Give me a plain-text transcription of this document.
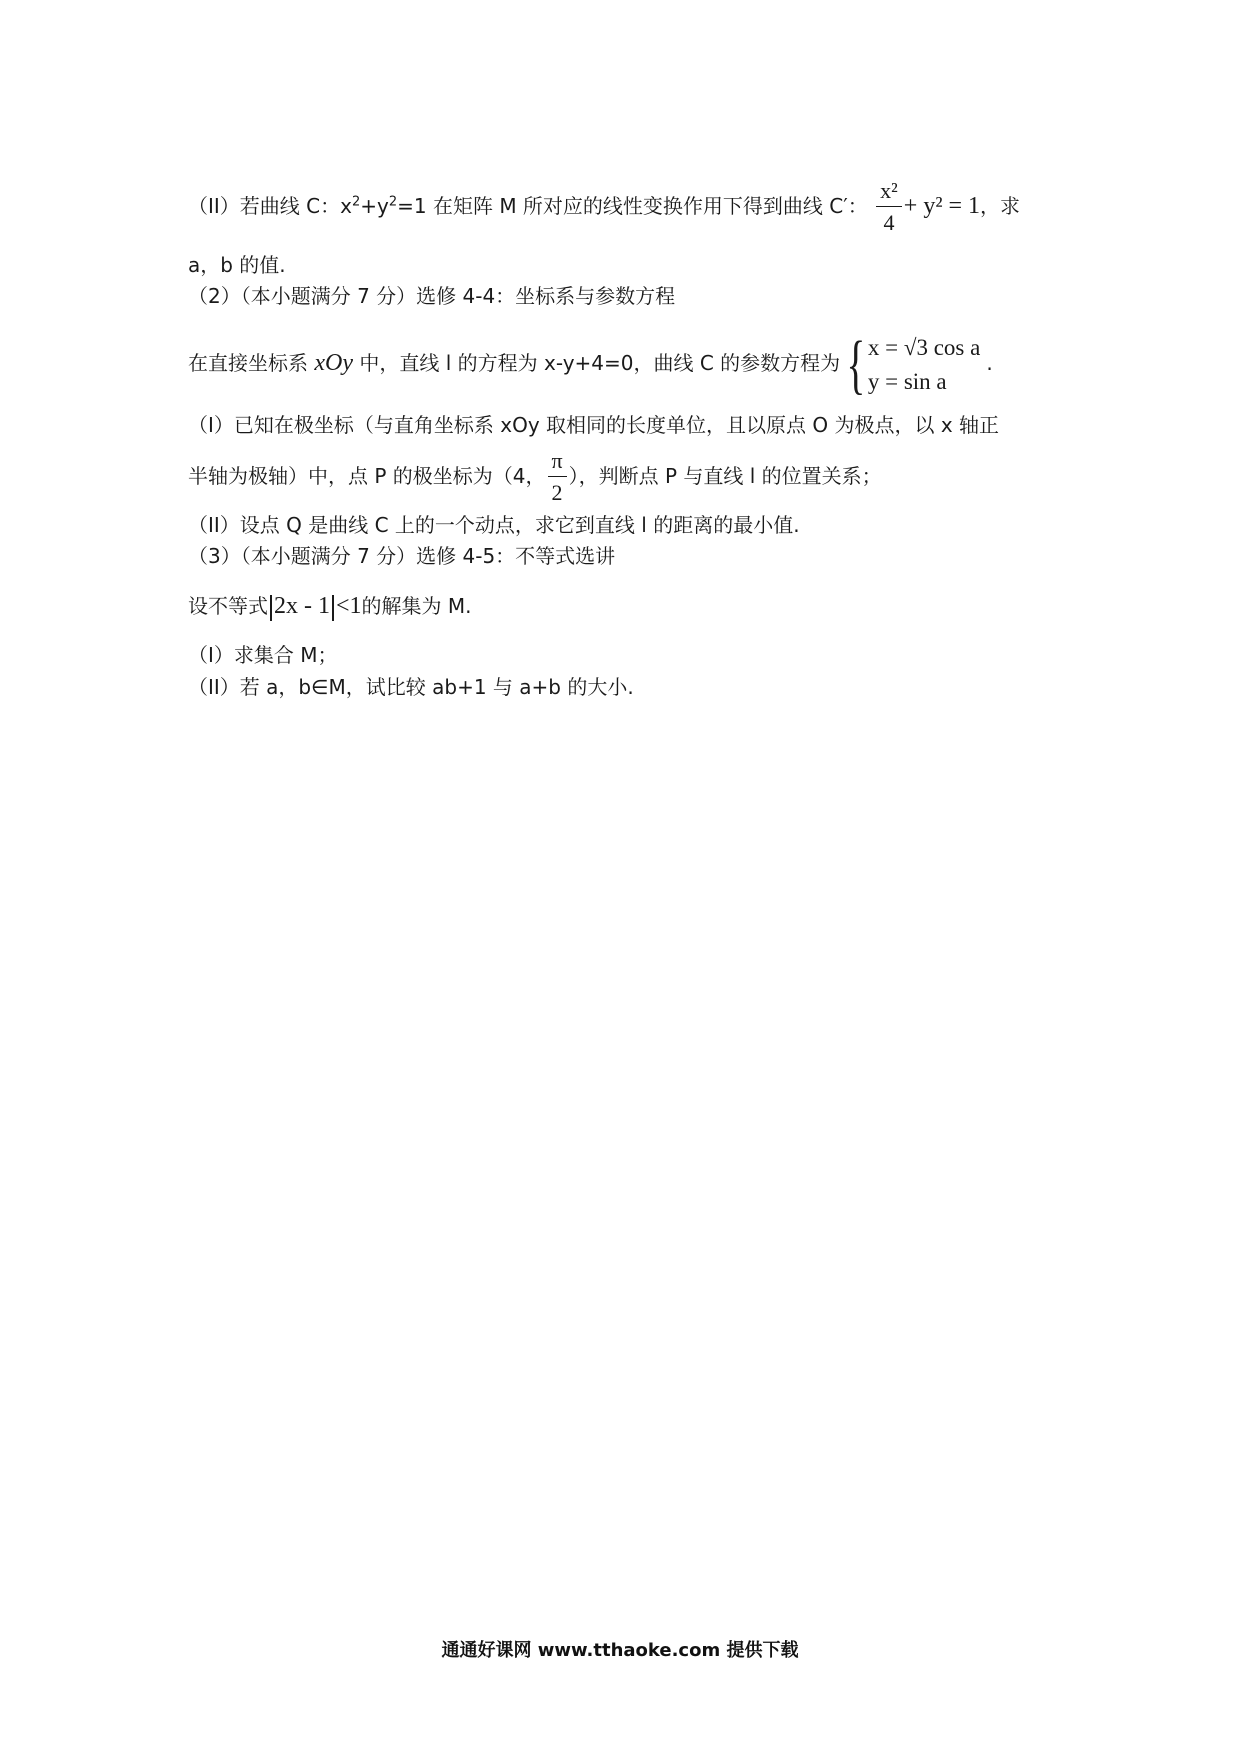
（II）若曲线 C：$x^2+y^2=1$ 在矩阵 M 所对应的线性变换作用下得到曲线 C′： $\frac{\text{x²}}{4} + y^2 = 1$，求
a，b 的值.
（2）（本小题满分 7 分）选修 4-4：坐标系与参数方程
在直接坐标系 xOy 中，直线 l 的方程为 x-y+4=0，曲线 C 的参数方程为{ x = √3 cos a
y = sin a
.
（I）已知在极坐标（与直角坐标系 xOy 取相同的长度单位，且以原点 O 为极点，以 x 轴正
半轴为极轴）中，点 P 的极坐标为（4， $\frac{\pi}{2}$ ），判断点 P 与直线 l 的位置关系；
（II）设点 Q 是曲线 C 上的一个动点，求它到直线 l 的距离的最小值.
（3）（本小题满分 7 分）选修 4-5：不等式选讲
设不等式 2x - 1 <1的解集为 M.
（I）求集合 M；
（II）若 a，b∈M，试比较 ab+1 与 a+b 的大小.
通通好课网 www.tthaoke.com 提供下载
